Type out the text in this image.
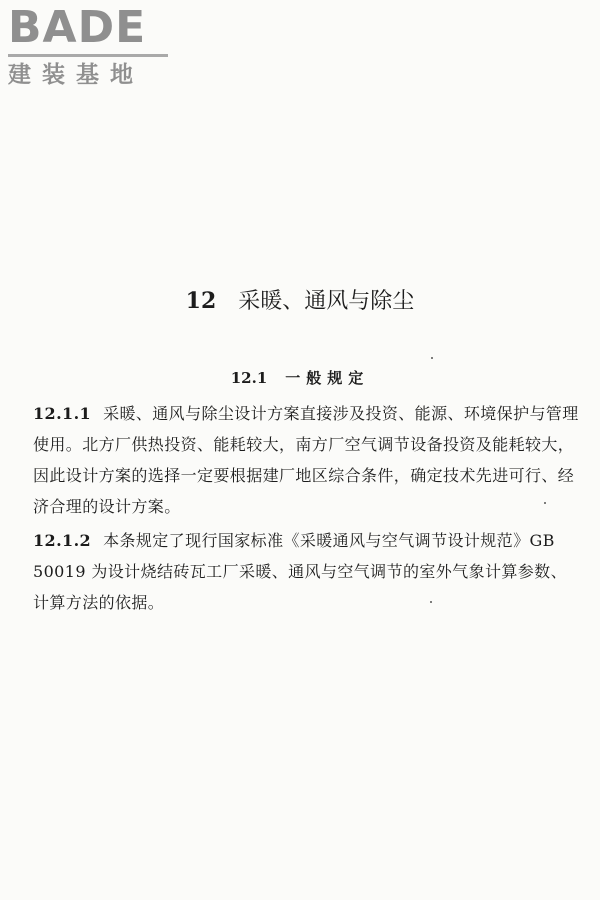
BADE
建装基地
12 采暖、通风与除尘
12.1 一般规定
12.1.1 采暖、通风与除尘设计方案直接涉及投资、能源、环境保护与管理使用。北方厂供热投资、能耗较大，南方厂空气调节设备投资及能耗较大，因此设计方案的选择一定要根据建厂地区综合条件，确定技术先进可行、经济合理的设计方案。
12.1.2 本条规定了现行国家标准《采暖通风与空气调节设计规范》GB 50019 为设计烧结砖瓦工厂采暖、通风与空气调节的室外气象计算参数、计算方法的依据。
